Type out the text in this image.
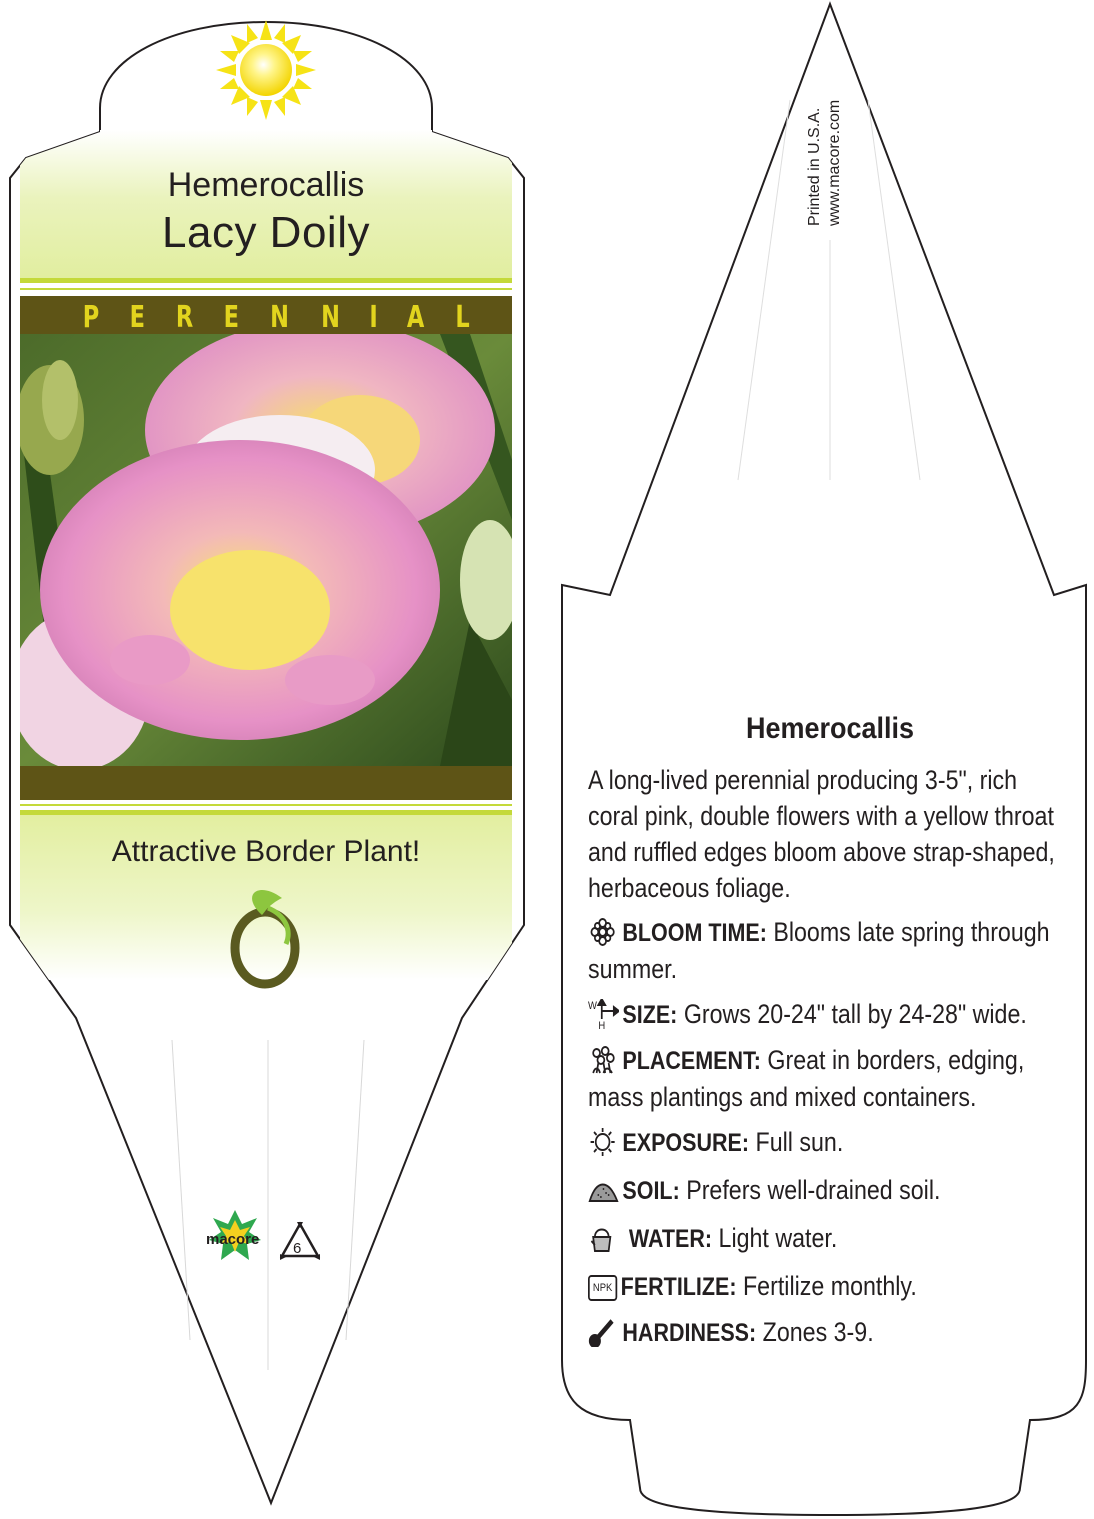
Hemerocallis
Lacy Doily
P E R E N N I A L
Attractive Border Plant!
macore
6
Printed in U.S.A. www.macore.com
Hemerocallis
A long-lived perennial producing 3-5", rich coral pink, double flowers with a yellow throat and ruffled edges bloom above strap-shaped, herbaceous foliage.
BLOOM TIME: Blooms late spring through summer.
W
H SIZE: Grows 20-24" tall by 24-28" wide.
PLACEMENT: Great in borders, edging, mass plantings and mixed containers.
EXPOSURE: Full sun.
SOIL: Prefers well-drained soil.
WATER: Light water.
NPK FERTILIZE: Fertilize monthly.
HARDINESS: Zones 3-9.
